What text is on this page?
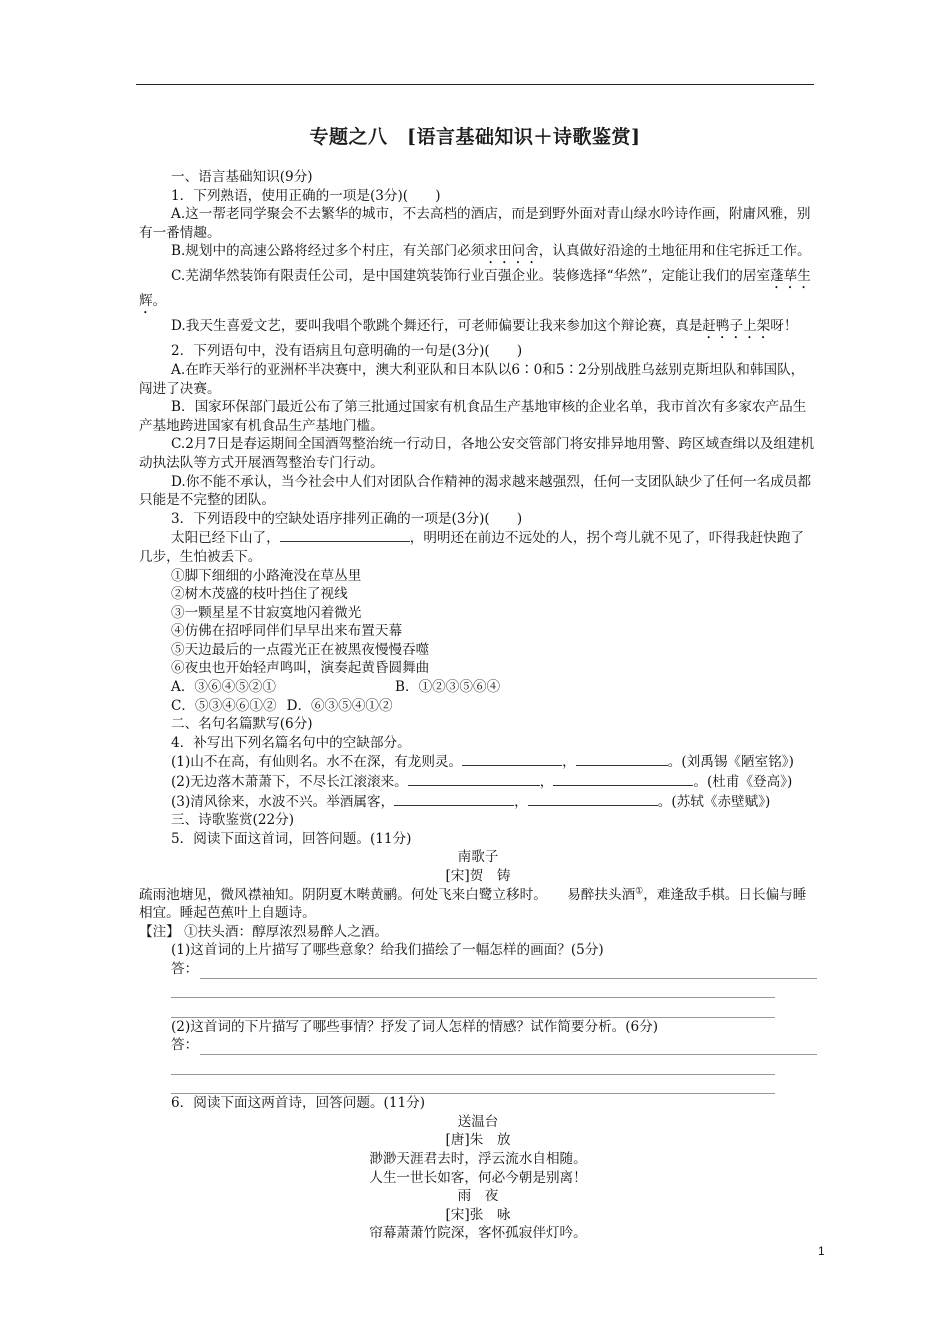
专题之八　[语言基础知识＋诗歌鉴赏]

一、语言基础知识(9分)

1．下列熟语，使用正确的一项是(3分)(　　)

A.这一帮老同学聚会不去繁华的城市，不去高档的酒店，而是到野外面对青山绿水吟诗作画，附庸风雅，别有一番情趣。

B.规划中的高速公路将经过多个村庄，有关部门必须求田问舍，认真做好沿途的土地征用和住宅拆迁工作。

C.芜湖华然装饰有限责任公司，是中国建筑装饰行业百强企业。装修选择“华然”，定能让我们的居室蓬荜生辉。

D.我天生喜爱文艺，要叫我唱个歌跳个舞还行，可老师偏要让我来参加这个辩论赛，真是赶鸭子上架呀！

2．下列语句中，没有语病且句意明确的一句是(3分)(　　)

A.在昨天举行的亚洲杯半决赛中，澳大利亚队和日本队以6∶0和5∶2分别战胜乌兹别克斯坦队和韩国队，闯进了决赛。

B．国家环保部门最近公布了第三批通过国家有机食品生产基地审核的企业名单，我市首次有多家农产品生产基地跨进国家有机食品生产基地门槛。

C.2月7日是春运期间全国酒驾整治统一行动日，各地公安交管部门将安排异地用警、跨区域查缉以及组建机动执法队等方式开展酒驾整治专门行动。

D.你不能不承认，当今社会中人们对团队合作精神的渴求越来越强烈，任何一支团队缺少了任何一名成员都只能是不完整的团队。

3．下列语段中的空缺处语序排列正确的一项是(3分)(　　)

太阳已经下山了，	，明明还在前边不远处的人，拐个弯儿就不见了，吓得我赶快跑了几步，生怕被丢下。

①脚下细细的小路淹没在草丛里

②树木茂盛的枝叶挡住了视线

③一颗星星不甘寂寞地闪着微光

④仿佛在招呼同伴们早早出来布置天幕

⑤天边最后的一点霞光正在被黑夜慢慢吞噬

⑥夜虫也开始轻声鸣叫，演奏起黄昏圆舞曲

A．③⑥④⑤②①	B．①②③⑤⑥④

C．⑤③④⑥①② D．⑥③⑤④①②

二、名句名篇默写(6分)

4．补写出下列名篇名句中的空缺部分。

(1)山不在高，有仙则名。水不在深，有龙则灵。	，	。(刘禹锡《陋室铭》)

(2)无边落木萧萧下，不尽长江滚滚来。	，	。(杜甫《登高》)

(3)清风徐来，水波不兴。举酒属客，	，	。(苏轼《赤壁赋》)

三、诗歌鉴赏(22分)

5．阅读下面这首词，回答问题。(11分)

南歌子

[宋]贺　铸

疏雨池塘见，微风襟袖知。阴阴夏木啭黄鹂。何处飞来白鹭立移时。　　易醉扶头酒①，难逢敌手棋。日长偏与睡相宜。睡起芭蕉叶上自题诗。

【注】 ①扶头酒：醇厚浓烈易醉人之酒。

(1)这首词的上片描写了哪些意象？给我们描绘了一幅怎样的画面？(5分)

答：

(2)这首词的下片描写了哪些事情？抒发了词人怎样的情感？试作简要分析。(6分)

答：

6．阅读下面这两首诗，回答问题。(11分)

送温台

[唐]朱　放

渺渺天涯君去时，浮云流水自相随。

人生一世长如客，何必今朝是别离！

雨　夜

[宋]张　咏

帘幕萧萧竹院深，客怀孤寂伴灯吟。

1
